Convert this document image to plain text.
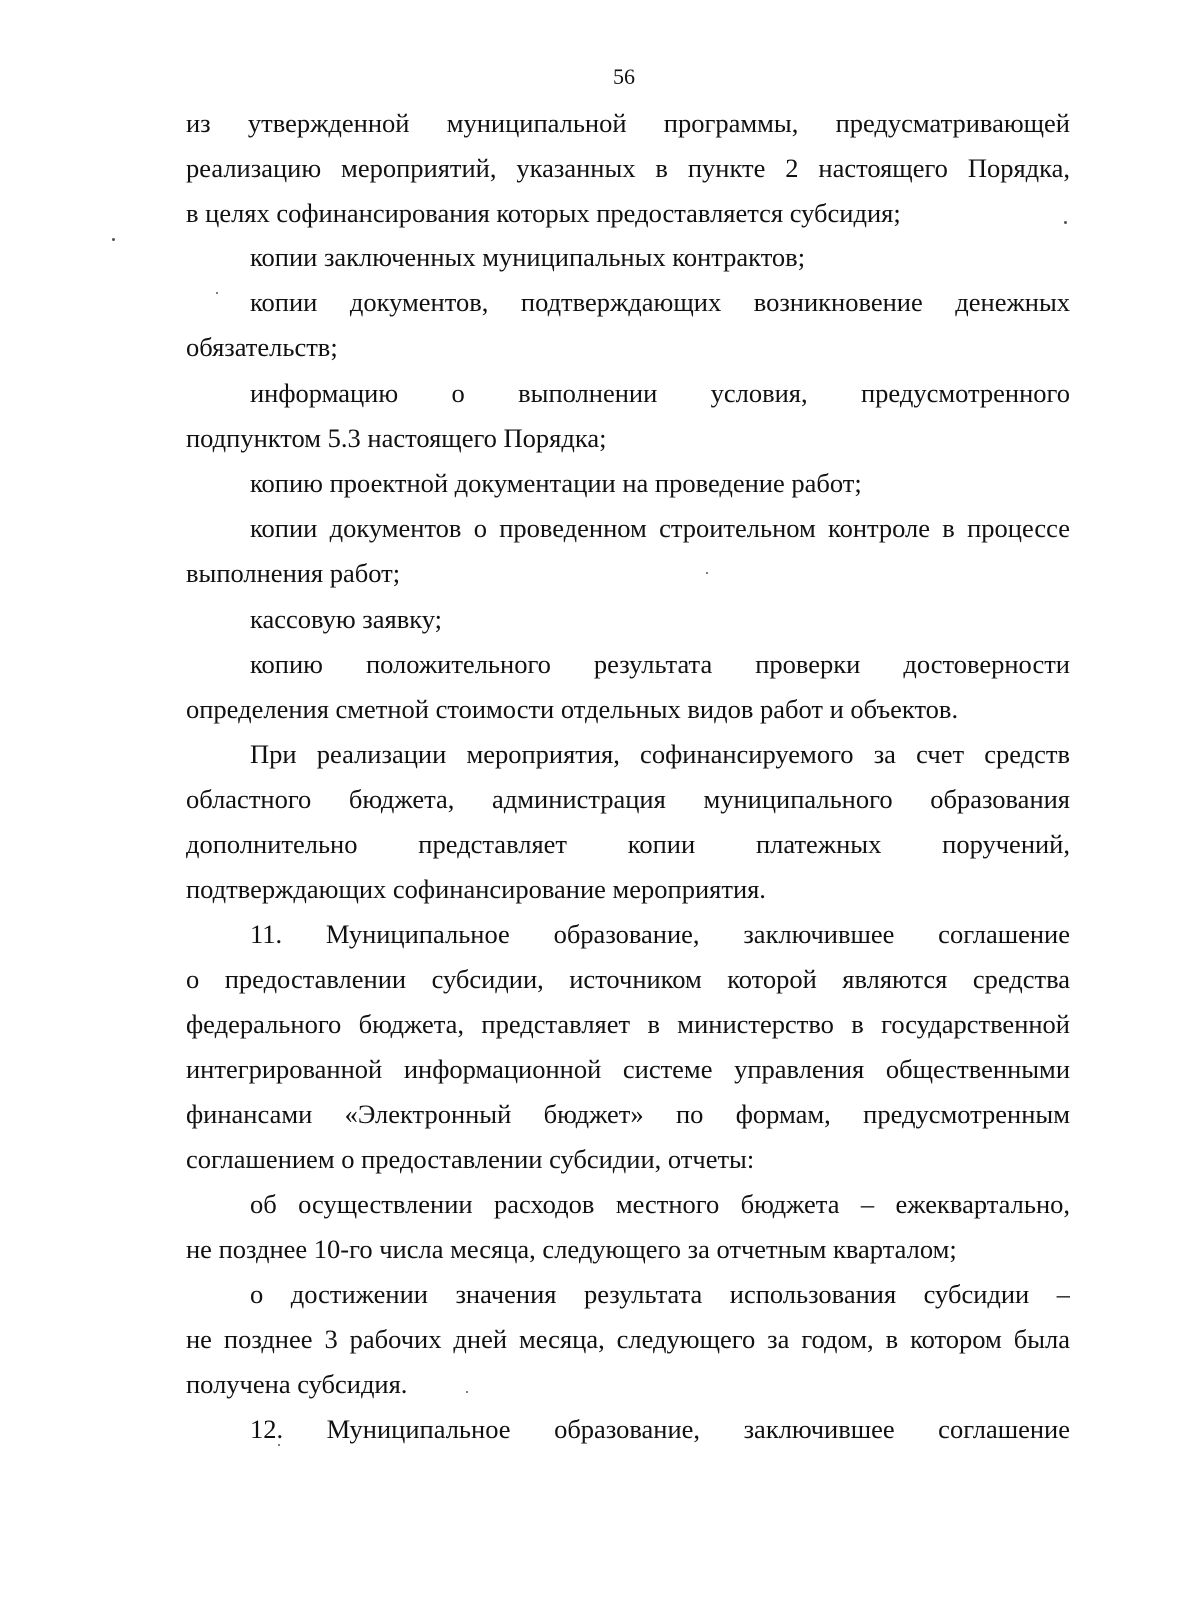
56
из утвержденной муниципальной программы, предусматривающей
реализацию мероприятий, указанных в пункте 2 настоящего Порядка,
в целях софинансирования которых предоставляется субсидия;
копии заключенных муниципальных контрактов;
копии документов, подтверждающих возникновение денежных
обязательств;
информацию о выполнении условия, предусмотренного
подпунктом 5.3 настоящего Порядка;
копию проектной документации на проведение работ;
копии документов о проведенном строительном контроле в процессе
выполнения работ;
кассовую заявку;
копию положительного результата проверки достоверности
определения сметной стоимости отдельных видов работ и объектов.
При реализации мероприятия, софинансируемого за счет средств
областного бюджета, администрация муниципального образования
дополнительно представляет копии платежных поручений,
подтверждающих софинансирование мероприятия.
11. Муниципальное образование, заключившее соглашение
о предоставлении субсидии, источником которой являются средства
федерального бюджета, представляет в министерство в государственной
интегрированной информационной системе управления общественными
финансами «Электронный бюджет» по формам, предусмотренным
соглашением о предоставлении субсидии, отчеты:
об осуществлении расходов местного бюджета – ежеквартально,
не позднее 10-го числа месяца, следующего за отчетным кварталом;
о достижении значения результата использования субсидии –
не позднее 3 рабочих дней месяца, следующего за годом, в котором была
получена субсидия.
12. Муниципальное образование, заключившее соглашение
